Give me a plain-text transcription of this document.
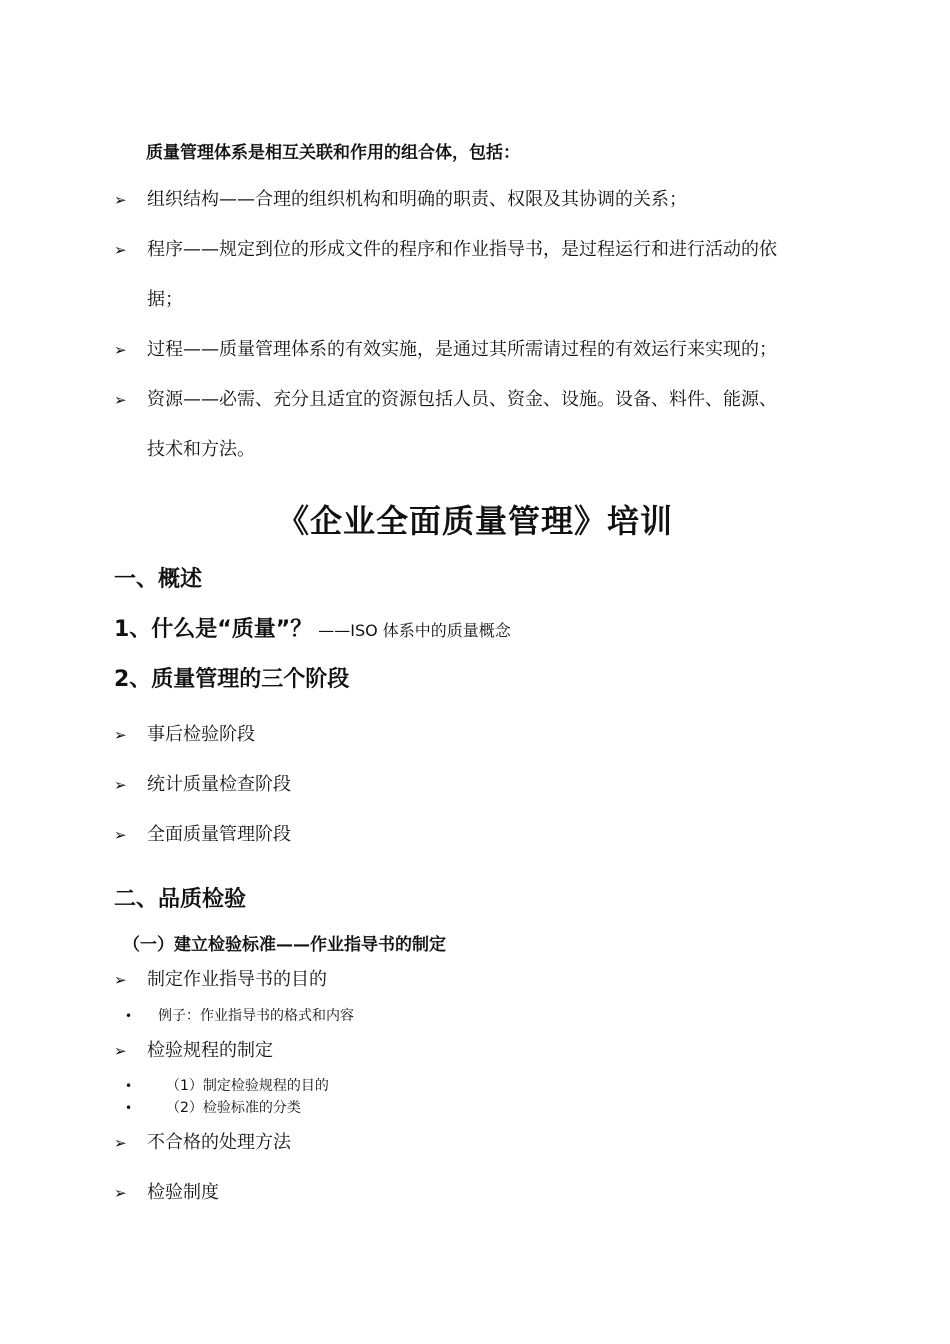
质量管理体系是相互关联和作用的组合体，包括：
➢ 组织结构——合理的组织机构和明确的职责、权限及其协调的关系；
➢ 程序——规定到位的形成文件的程序和作业指导书，是过程运行和进行活动的依
据；
➢ 过程——质量管理体系的有效实施，是通过其所需请过程的有效运行来实现的；
➢ 资源——必需、充分且适宜的资源包括人员、资金、设施。设备、料件、能源、
技术和方法。
《企业全面质量管理》培训
一、概述
1、什么是“质量”？ ——ISO 体系中的质量概念
2、质量管理的三个阶段
➢ 事后检验阶段
➢ 统计质量检查阶段
➢ 全面质量管理阶段
二、品质检验
（一）建立检验标准——作业指导书的制定
➢ 制定作业指导书的目的
• 例子：作业指导书的格式和内容
➢ 检验规程的制定
• （1）制定检验规程的目的
• （2）检验标准的分类
➢ 不合格的处理方法
➢ 检验制度
